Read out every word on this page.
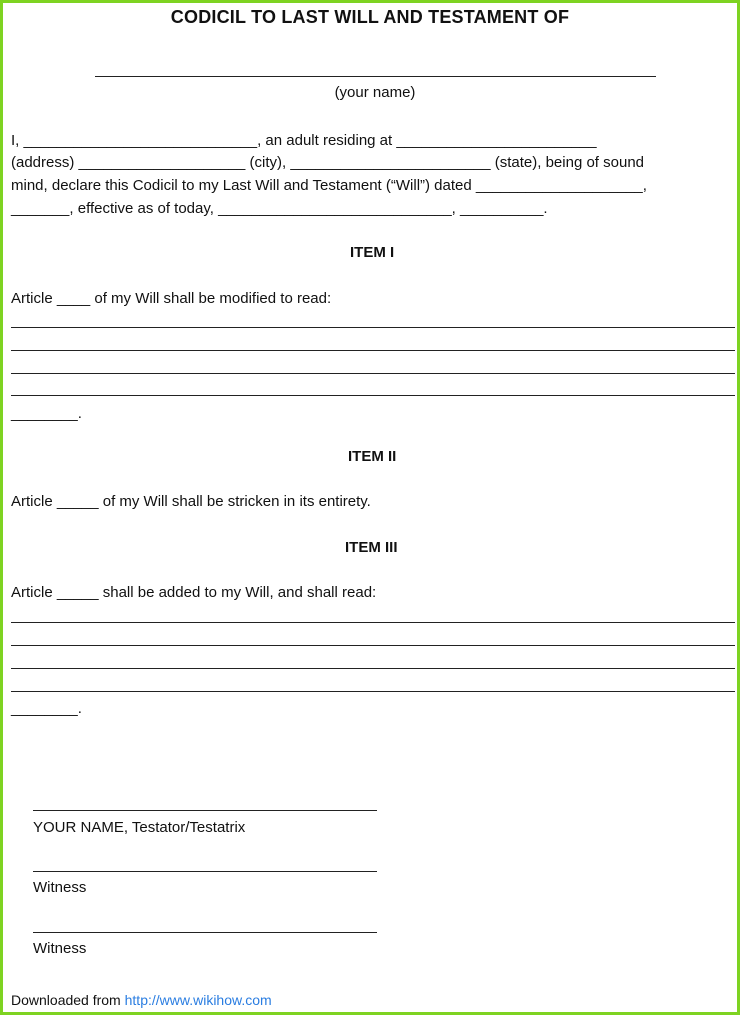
CODICIL TO LAST WILL AND TESTAMENT OF
(your name)
I, ____________________________, an adult residing at ________________________
(address) ____________________ (city), ________________________ (state), being of sound
mind, declare this Codicil to my Last Will and Testament (“Will”) dated ____________________,
_______, effective as of today, ____________________________, __________.
ITEM I
Article ____ of my Will shall be modified to read:
________.
ITEM II
Article _____ of my Will shall be stricken in its entirety.
ITEM III
Article _____ shall be added to my Will, and shall read:
________.
YOUR NAME, Testator/Testatrix
Witness
Witness
Downloaded from http://www.wikihow.com
